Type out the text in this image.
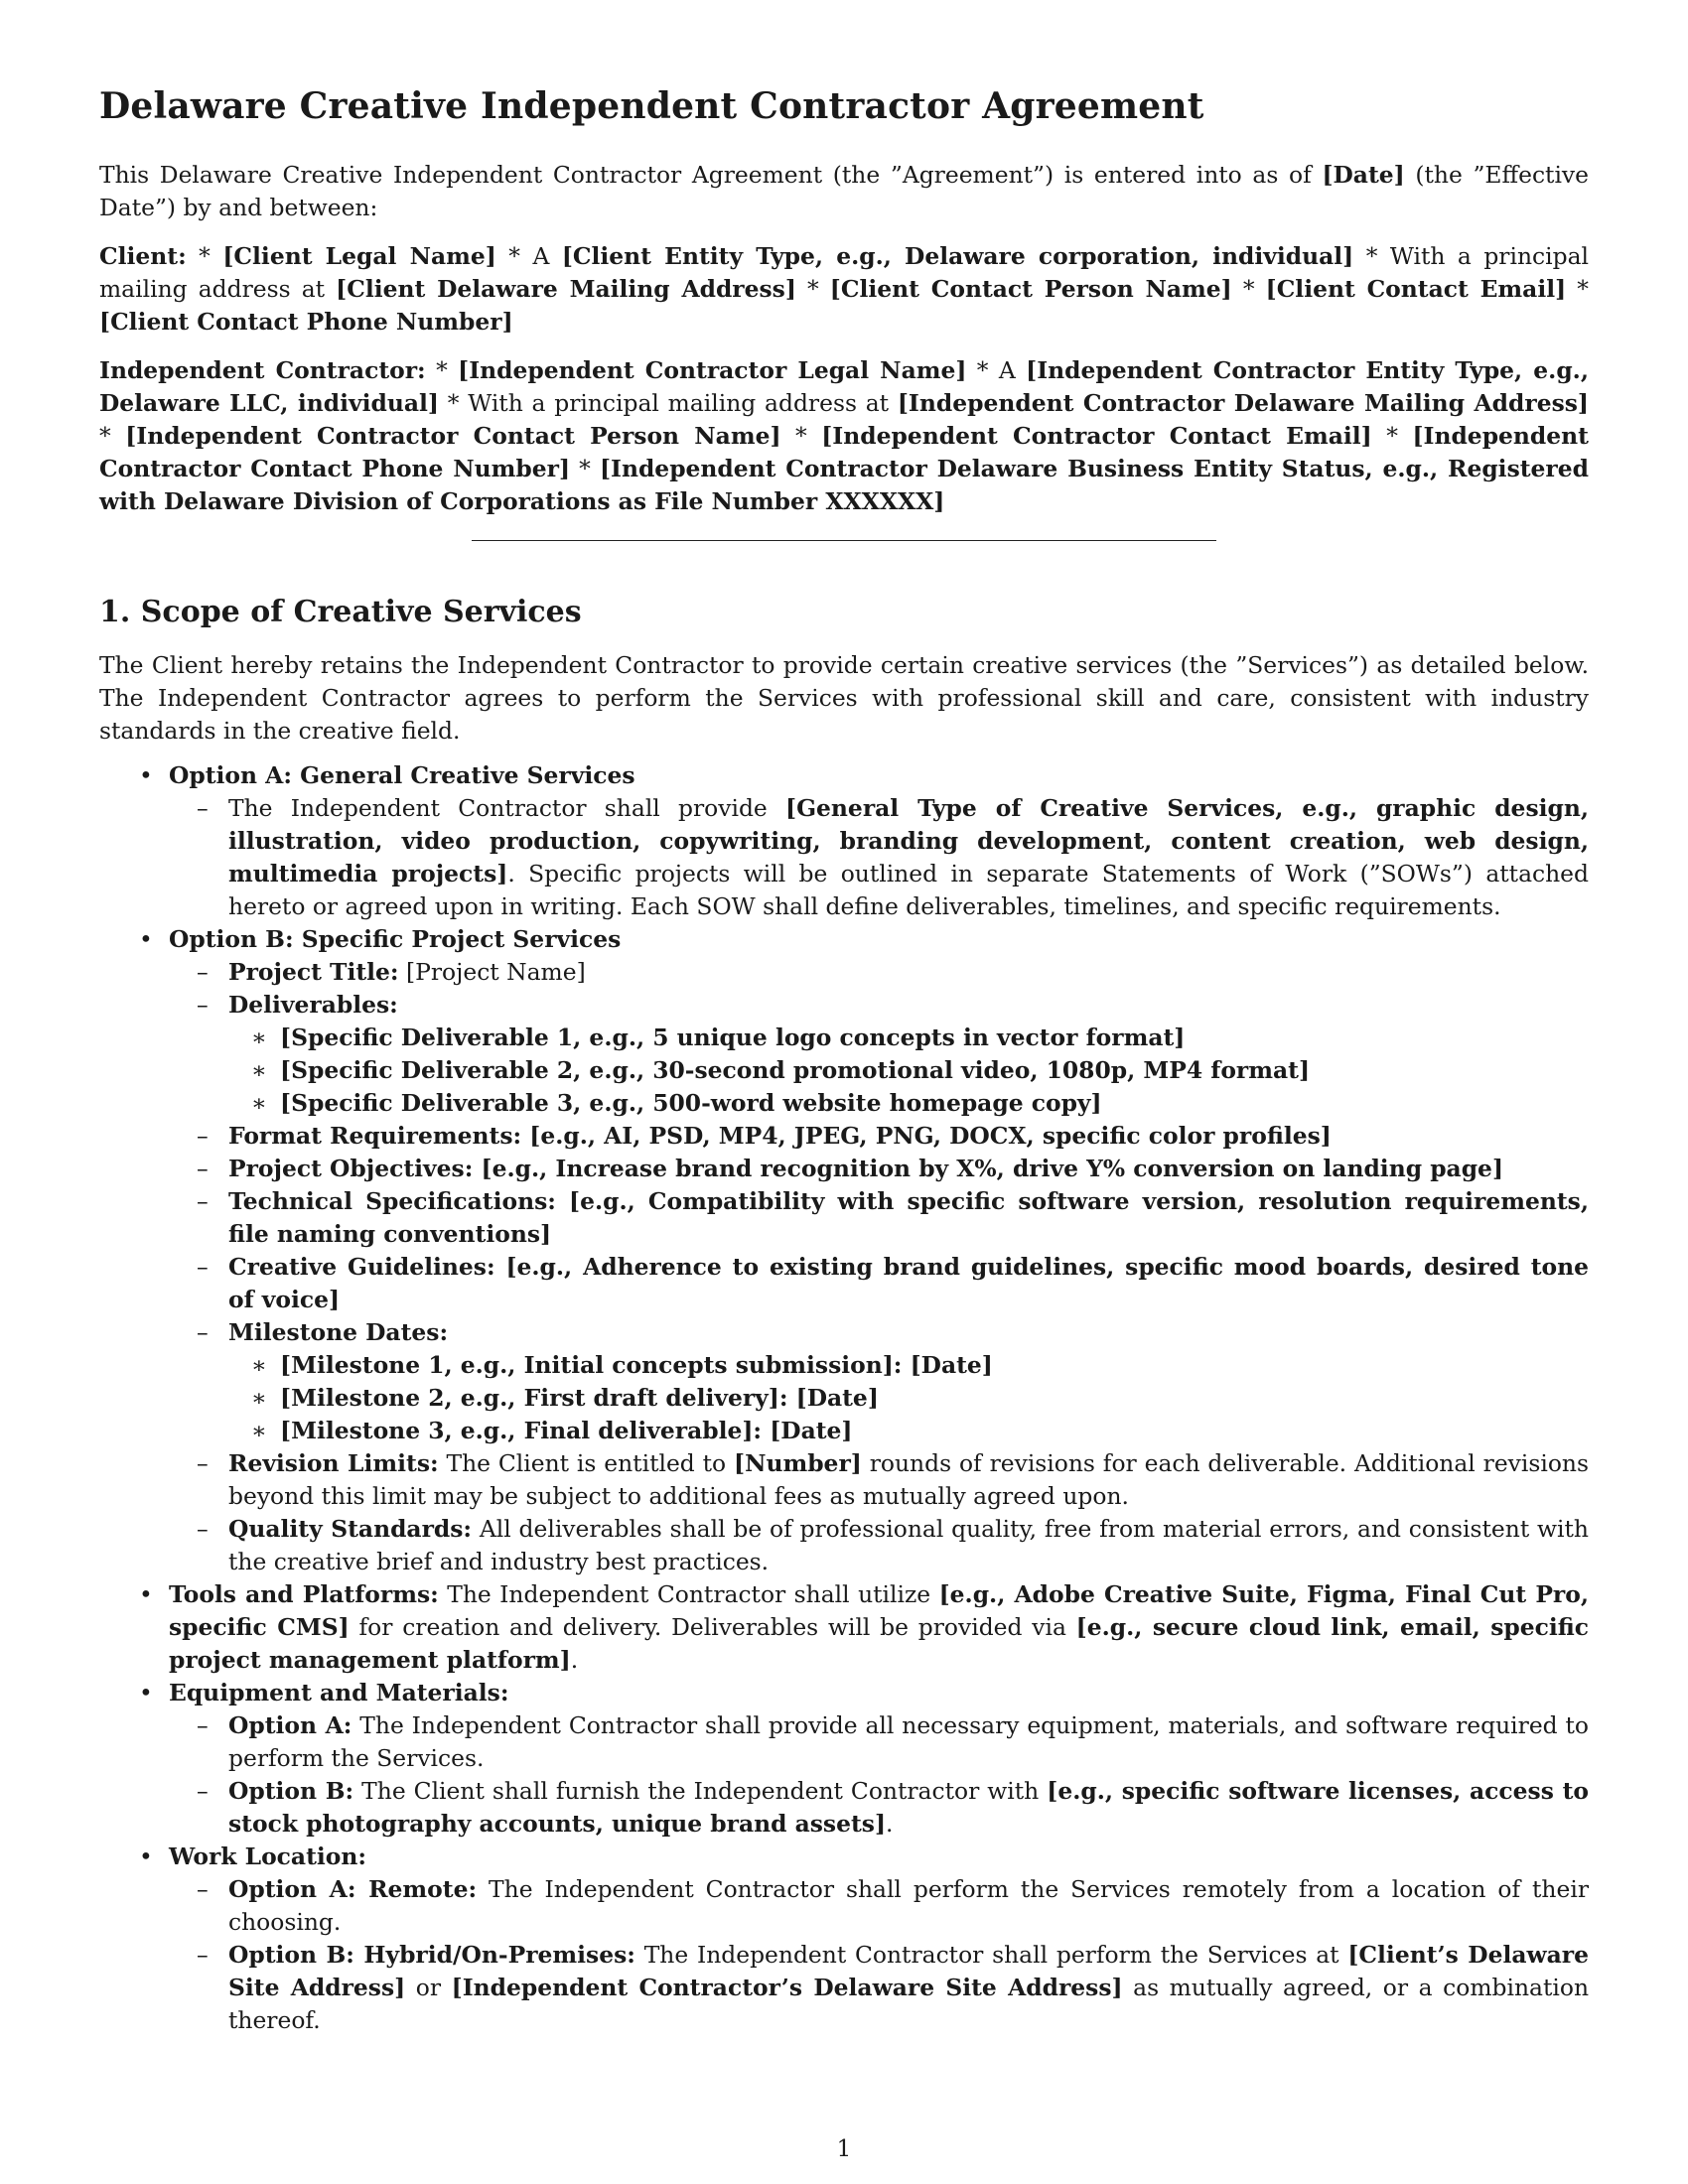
Delaware Creative Independent Contractor Agreement

This Delaware Creative Independent Contractor Agreement (the ”Agreement”) is entered into as of [Date] (the ”Effective Date”) by and between:

Client: * [Client Legal Name] * A [Client Entity Type, e.g., Delaware corporation, individual] * With a principal mailing address at [Client Delaware Mailing Address] * [Client Contact Person Name] * [Client Contact Email] * [Client Contact Phone Number]

Independent Contractor: * [Independent Contractor Legal Name] * A [Independent Contractor Entity Type, e.g., Delaware LLC, individual] * With a principal mailing address at [Independent Contractor Delaware Mailing Address] * [Independent Contractor Contact Person Name] * [Independent Contractor Contact Email] * [Independent Contractor Contact Phone Number] * [Independent Contractor Delaware Business Entity Status, e.g., Registered with Delaware Division of Corporations as File Number XXXXXX]

1. Scope of Creative Services

The Client hereby retains the Independent Contractor to provide certain creative services (the ”Services”) as detailed below. The Independent Contractor agrees to perform the Services with professional skill and care, consistent with industry standards in the creative field.

• Option A: General Creative Services
– The Independent Contractor shall provide [General Type of Creative Services, e.g., graphic design, illustration, video production, copywriting, branding development, content creation, web design, multimedia projects]. Specific projects will be outlined in separate Statements of Work (”SOWs”) attached hereto or agreed upon in writing. Each SOW shall define deliverables, timelines, and specific requirements.
• Option B: Specific Project Services
– Project Title: [Project Name]
– Deliverables:
∗ [Specific Deliverable 1, e.g., 5 unique logo concepts in vector format]
∗ [Specific Deliverable 2, e.g., 30-second promotional video, 1080p, MP4 format]
∗ [Specific Deliverable 3, e.g., 500-word website homepage copy]
– Format Requirements: [e.g., AI, PSD, MP4, JPEG, PNG, DOCX, specific color profiles]
– Project Objectives: [e.g., Increase brand recognition by X%, drive Y% conversion on landing page]
– Technical Specifications: [e.g., Compatibility with specific software version, resolution requirements, file naming conventions]
– Creative Guidelines: [e.g., Adherence to existing brand guidelines, specific mood boards, desired tone of voice]
– Milestone Dates:
∗ [Milestone 1, e.g., Initial concepts submission]: [Date]
∗ [Milestone 2, e.g., First draft delivery]: [Date]
∗ [Milestone 3, e.g., Final deliverable]: [Date]
– Revision Limits: The Client is entitled to [Number] rounds of revisions for each deliverable. Additional revisions beyond this limit may be subject to additional fees as mutually agreed upon.
– Quality Standards: All deliverables shall be of professional quality, free from material errors, and consistent with the creative brief and industry best practices.
• Tools and Platforms: The Independent Contractor shall utilize [e.g., Adobe Creative Suite, Figma, Final Cut Pro, specific CMS] for creation and delivery. Deliverables will be provided via [e.g., secure cloud link, email, specific project management platform].
• Equipment and Materials:
– Option A: The Independent Contractor shall provide all necessary equipment, materials, and software required to perform the Services.
– Option B: The Client shall furnish the Independent Contractor with [e.g., specific software licenses, access to stock photography accounts, unique brand assets].
• Work Location:
– Option A: Remote: The Independent Contractor shall perform the Services remotely from a location of their choosing.
– Option B: Hybrid/On-Premises: The Independent Contractor shall perform the Services at [Client’s Delaware Site Address] or [Independent Contractor’s Delaware Site Address] as mutually agreed, or a combination thereof.
1
